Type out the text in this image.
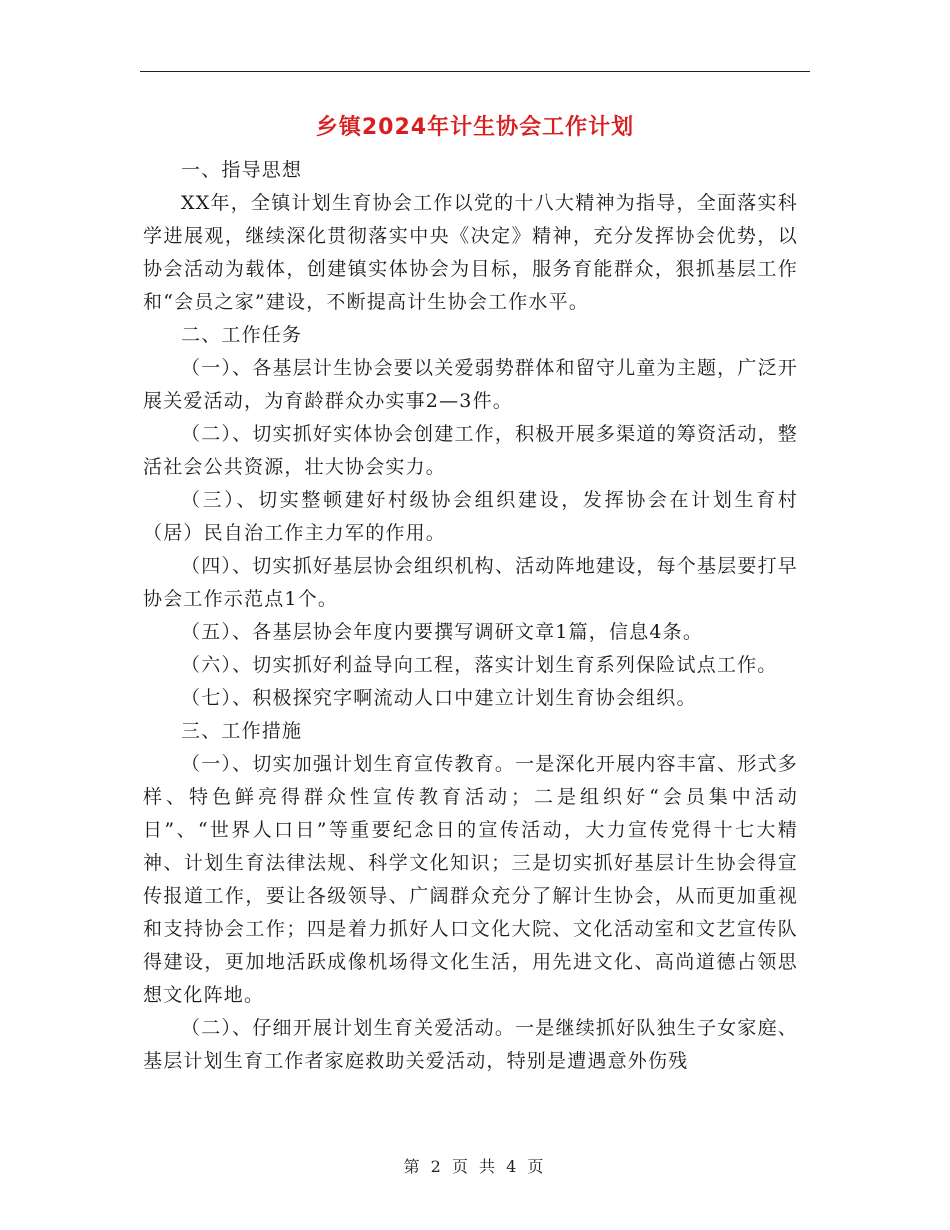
乡镇2024年计生协会工作计划

一、指导思想

XX年，全镇计划生育协会工作以党的十八大精神为指导，全面落实科学进展观，继续深化贯彻落实中央《决定》精神，充分发挥协会优势，以协会活动为载体，创建镇实体协会为目标，服务育能群众，狠抓基层工作和“会员之家”建设，不断提高计生协会工作水平。

二、工作任务

（一）、各基层计生协会要以关爱弱势群体和留守儿童为主题，广泛开展关爱活动，为育龄群众办实事2—3件。

（二）、切实抓好实体协会创建工作，积极开展多渠道的筹资活动，整活社会公共资源，壮大协会实力。

（三）、切实整顿建好村级协会组织建设，发挥协会在计划生育村（居）民自治工作主力军的作用。

（四）、切实抓好基层协会组织机构、活动阵地建设，每个基层要打早协会工作示范点1个。

（五）、各基层协会年度内要撰写调研文章1篇，信息4条。

（六）、切实抓好利益导向工程，落实计划生育系列保险试点工作。

（七）、积极探究字啊流动人口中建立计划生育协会组织。

三、工作措施

（一）、切实加强计划生育宣传教育。一是深化开展内容丰富、形式多样、特色鲜亮得群众性宣传教育活动；二是组织好“会员集中活动日”、“世界人口日”等重要纪念日的宣传活动，大力宣传党得十七大精神、计划生育法律法规、科学文化知识；三是切实抓好基层计生协会得宣传报道工作，要让各级领导、广阔群众充分了解计生协会，从而更加重视和支持协会工作；四是着力抓好人口文化大院、文化活动室和文艺宣传队得建设，更加地活跃成像机场得文化生活，用先进文化、高尚道德占领思想文化阵地。

（二）、仔细开展计划生育关爱活动。一是继续抓好队独生子女家庭、基层计划生育工作者家庭救助关爱活动，特别是遭遇意外伤残

第 2 页 共 4 页
